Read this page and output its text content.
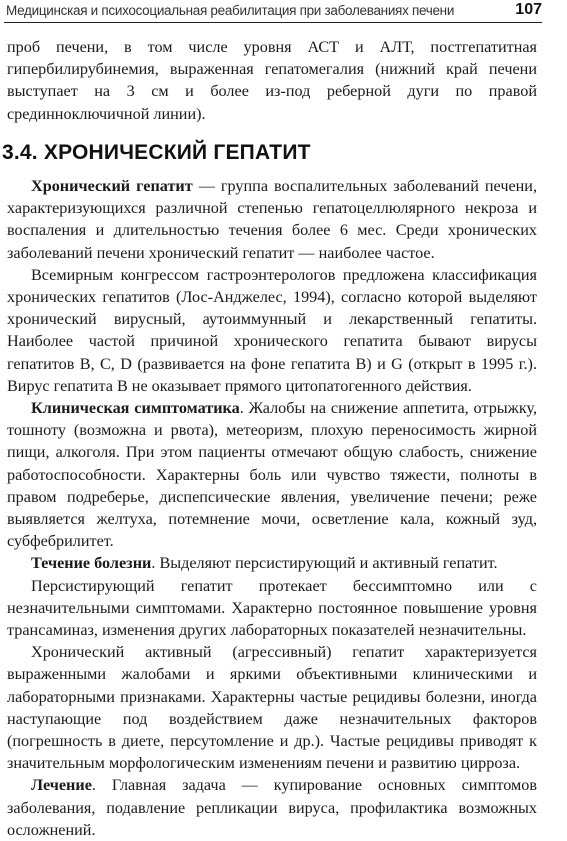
Медицинская и психосоциальная реабилитация при заболеваниях печени	107

проб печени, в том числе уровня АСТ и АЛТ, постгепатитная гипербилирубинемия, выраженная гепатомегалия (нижний край печени выступает на 3 см и более из-под реберной дуги по правой срединноключичной линии).

3.4. ХРОНИЧЕСКИЙ ГЕПАТИТ

Хронический гепатит — группа воспалительных заболеваний печени, характеризующихся различной степенью гепатоцеллюлярного некроза и воспаления и длительностью течения более 6 мес. Среди хронических заболеваний печени хронический гепатит — наиболее частое.

Всемирным конгрессом гастроэнтерологов предложена классификация хронических гепатитов (Лос-Анджелес, 1994), согласно которой выделяют хронический вирусный, аутоиммунный и лекарственный гепатиты. Наиболее частой причиной хронического гепатита бывают вирусы гепатитов В, С, D (развивается на фоне гепатита В) и G (открыт в 1995 г.). Вирус гепатита В не оказывает прямого цитопатогенного действия.

Клиническая симптоматика. Жалобы на снижение аппетита, отрыжку, тошноту (возможна и рвота), метеоризм, плохую переносимость жирной пищи, алкоголя. При этом пациенты отмечают общую слабость, снижение работоспособности. Характерны боль или чувство тяжести, полноты в правом подреберье, диспепсические явления, увеличение печени; реже выявляется желтуха, потемнение мочи, осветление кала, кожный зуд, субфебрилитет.

Течение болезни. Выделяют персистирующий и активный гепатит.

Персистирующий гепатит протекает бессимптомно или с незначительными симптомами. Характерно постоянное повышение уровня трансаминаз, изменения других лабораторных показателей незначительны.

Хронический активный (агрессивный) гепатит характеризуется выраженными жалобами и яркими объективными клиническими и лабораторными признаками. Характерны частые рецидивы болезни, иногда наступающие под воздействием даже незначительных факторов (погрешность в диете, персутомление и др.). Частые рецидивы приводят к значительным морфологическим изменениям печени и развитию цирроза.

Лечение. Главная задача — купирование основных симптомов заболевания, подавление репликации вируса, профилактика возможных осложнений.
